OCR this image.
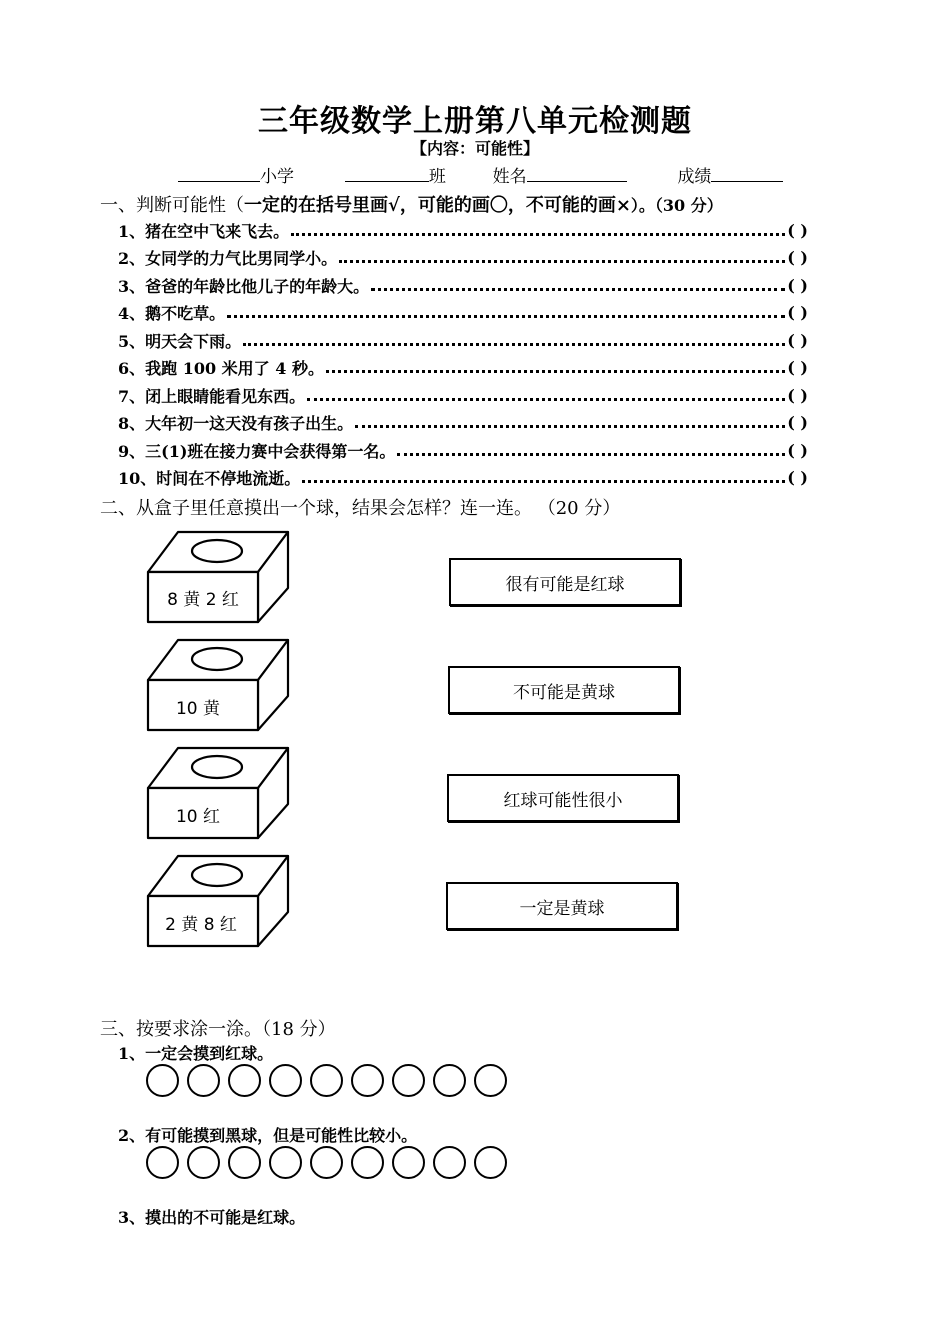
三年级数学上册第八单元检测题
【内容：可能性】
小学	班	姓名	成绩
一、判断可能性（一定的在括号里画√，可能的画〇，不可能的画×）。（30 分）
1、猪在空中飞来飞去。	( )
2、女同学的力气比男同学小。	( )
3、爸爸的年龄比他儿子的年龄大。	( )
4、鹅不吃草。	( )
5、明天会下雨。	( )
6、我跑 100 米用了 4 秒。	( )
7、闭上眼睛能看见东西。	( )
8、大年初一这天没有孩子出生。	( )
9、三(1)班在接力赛中会获得第一名。	( )
10、时间在不停地流逝。	( )
二、从盒子里任意摸出一个球，结果会怎样？连一连。 （20 分）
8 黄 2 红
10 黄
10 红
2 黄 8 红
很有可能是红球
不可能是黄球
红球可能性很小
一定是黄球
三、按要求涂一涂。（18 分）
1、一定会摸到红球。
2、有可能摸到黑球，但是可能性比较小。
3、摸出的不可能是红球。
